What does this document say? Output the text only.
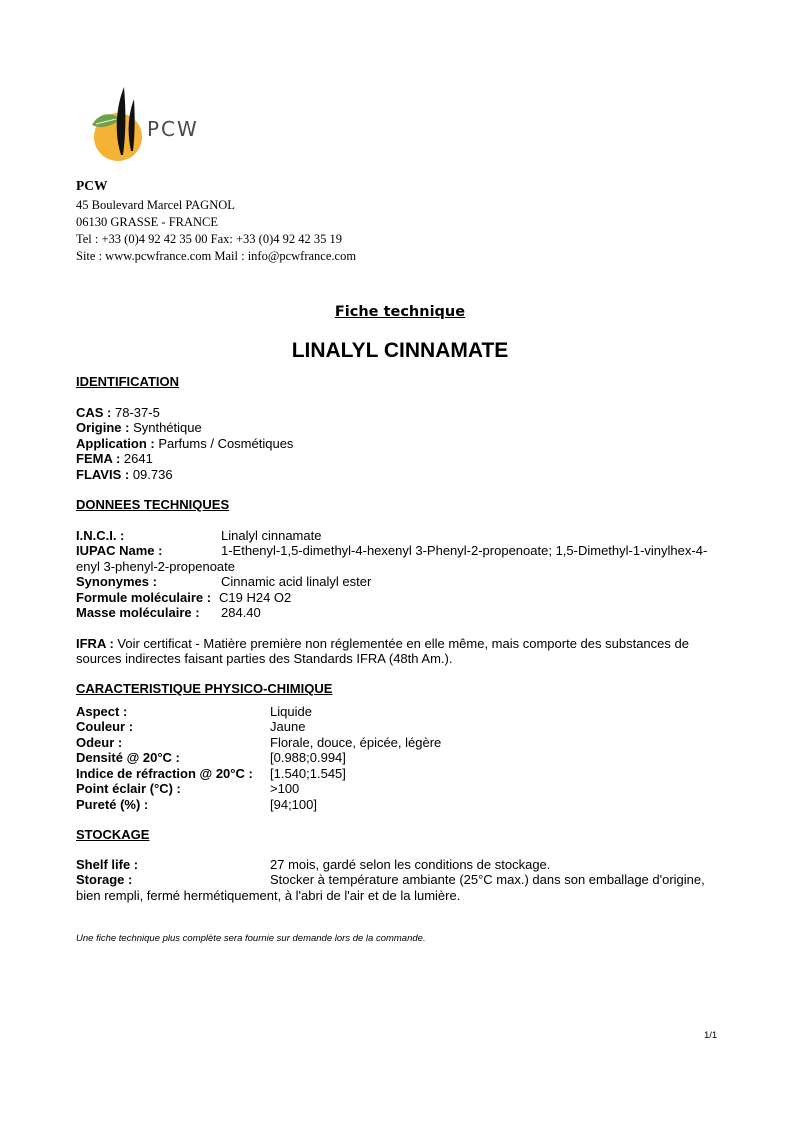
PCW
PCW
45 Boulevard Marcel PAGNOL
06130 GRASSE - FRANCE
Tel : +33 (0)4 92 42 35 00 Fax: +33 (0)4 92 42 35 19
Site : www.pcwfrance.com Mail : info@pcwfrance.com
Fiche technique
LINALYL CINNAMATE
IDENTIFICATION
CAS : 78-37-5
Origine : Synthétique
Application : Parfums / Cosmétiques
FEMA : 2641
FLAVIS : 09.736
DONNEES TECHNIQUES
I.N.C.I. :	Linalyl cinnamate
IUPAC Name :	1-Ethenyl-1,5-dimethyl-4-hexenyl 3-Phenyl-2-propenoate; 1,5-Dimethyl-1-vinylhex-4-
enyl 3-phenyl-2-propenoate
Synonymes :	Cinnamic acid linalyl ester
Formule moléculaire : C19 H24 O2
Masse moléculaire : 284.40
IFRA : Voir certificat - Matière première non réglementée en elle même, mais comporte des substances de
sources indirectes faisant parties des Standards IFRA (48th Am.).
CARACTERISTIQUE PHYSICO-CHIMIQUE
Aspect :	Liquide
Couleur :	Jaune
Odeur :	Florale, douce, épicée, légère
Densité @ 20°C :	[0.988;0.994]
Indice de réfraction @ 20°C : [1.540;1.545]
Point éclair (°C) :	>100
Pureté (%) :	[94;100]
STOCKAGE
Shelf life :	27 mois, gardé selon les conditions de stockage.
Storage :	Stocker à température ambiante (25°C max.) dans son emballage d'origine,
bien rempli, fermé hermétiquement, à l'abri de l'air et de la lumière.
Une fiche technique plus complète sera fournie sur demande lors de la commande.
1/1
